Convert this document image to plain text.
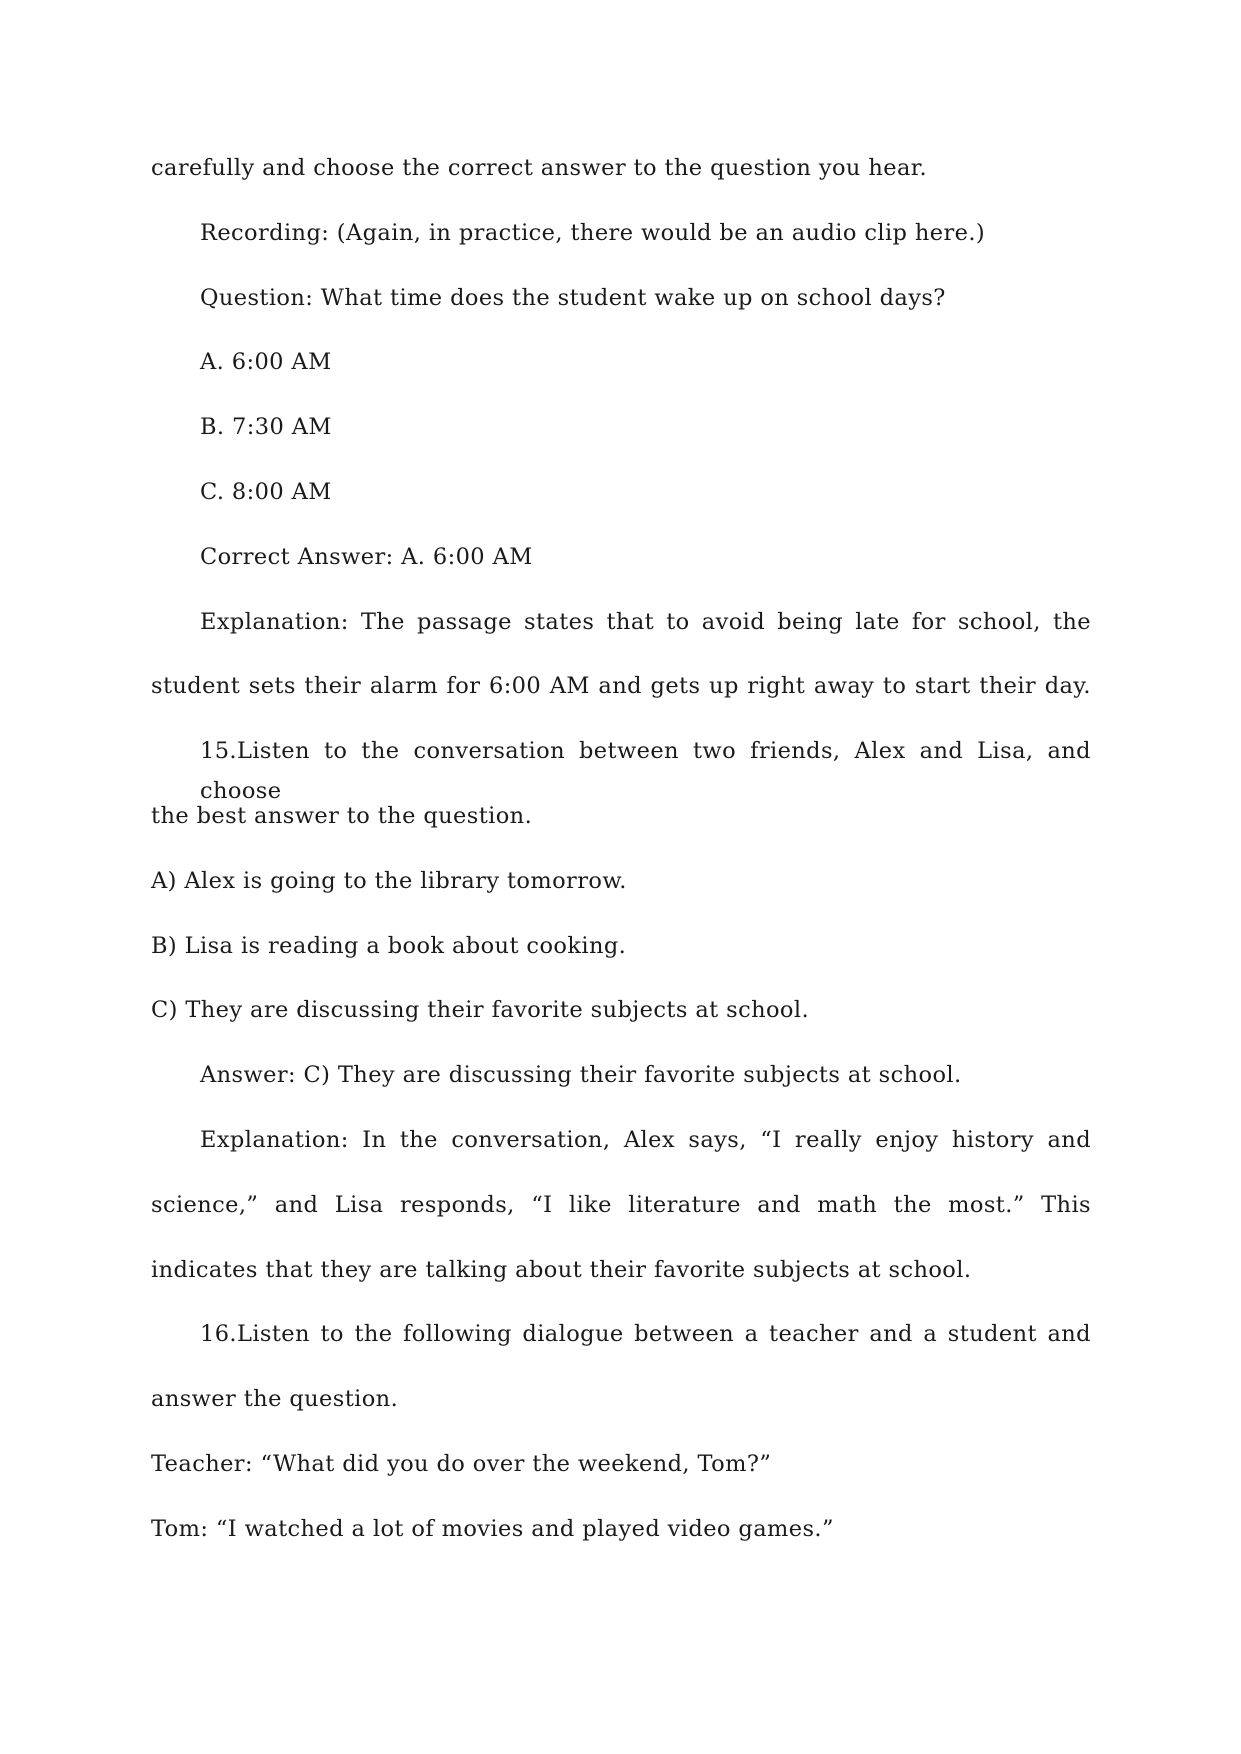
carefully and choose the correct answer to the question you hear.
Recording: (Again, in practice, there would be an audio clip here.)
Question: What time does the student wake up on school days?
A. 6:00 AM
B. 7:30 AM
C. 8:00 AM
Correct Answer: A. 6:00 AM
Explanation: The passage states that to avoid being late for school, the
student sets their alarm for 6:00 AM and gets up right away to start their day.
15.Listen to the conversation between two friends, Alex and Lisa, and choose
the best answer to the question.
A) Alex is going to the library tomorrow.
B) Lisa is reading a book about cooking.
C) They are discussing their favorite subjects at school.
Answer: C) They are discussing their favorite subjects at school.
Explanation: In the conversation, Alex says, “I really enjoy history and
science,” and Lisa responds, “I like literature and math the most.” This
indicates that they are talking about their favorite subjects at school.
16.Listen to the following dialogue between a teacher and a student and
answer the question.
Teacher: “What did you do over the weekend, Tom?”
Tom: “I watched a lot of movies and played video games.”
